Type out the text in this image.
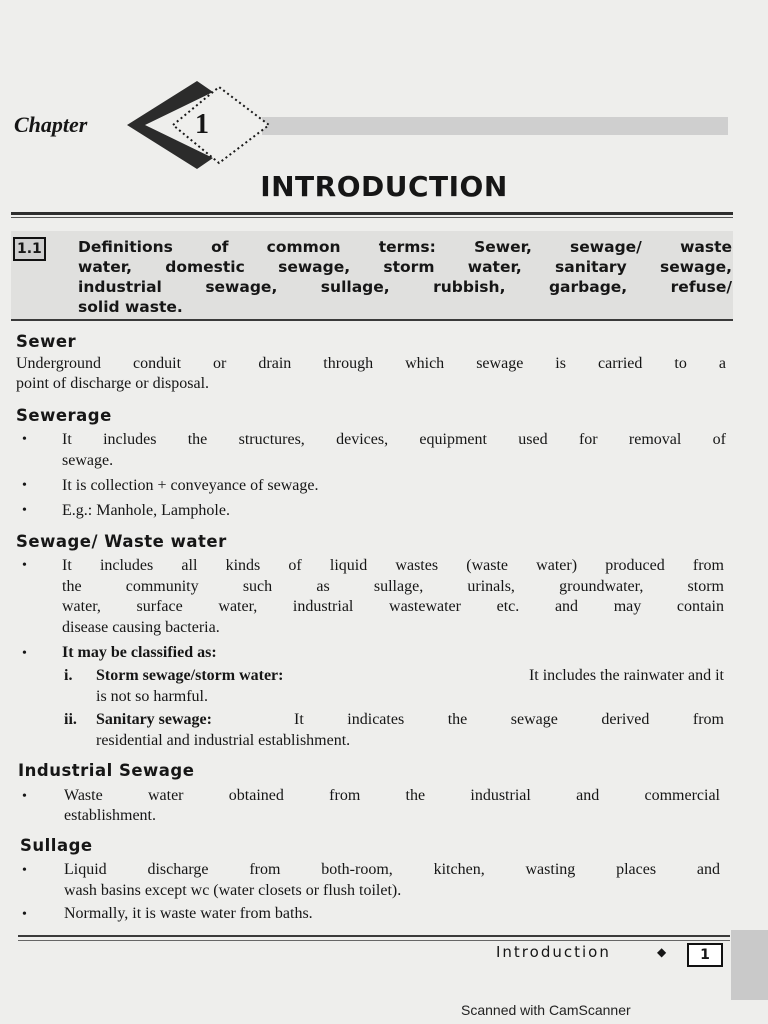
Chapter	1
INTRODUCTION
1.1 Definitions of common terms: Sewer, sewage/ waste
water, domestic sewage, storm water, sanitary sewage,
industrial sewage, sullage, rubbish, garbage, refuse/
solid waste.
Sewer
Underground conduit or drain through which sewage is carried to a
point of discharge or disposal.
Sewerage
• It includes the structures, devices, equipment used for removal of
sewage.
• It is collection + conveyance of sewage.
• E.g.: Manhole, Lamphole.
Sewage/ Waste water
• It includes all kinds of liquid wastes (waste water) produced from
the community such as sullage, urinals, groundwater, storm
water, surface water, industrial wastewater etc. and may contain
disease causing bacteria.
• It may be classified as:
i. Storm sewage/storm water:	It includes the rainwater and it
is not so harmful.
ii. Sanitary sewage:	It indicates the sewage derived from
residential and industrial establishment.
Industrial Sewage
• Waste water obtained from the industrial and commercial
establishment.
Sullage
• Liquid discharge from both-room, kitchen, wasting places and
wash basins except wc (water closets or flush toilet).
• Normally, it is waste water from baths.
Introduction	◆	1
Scanned with CamScanner
